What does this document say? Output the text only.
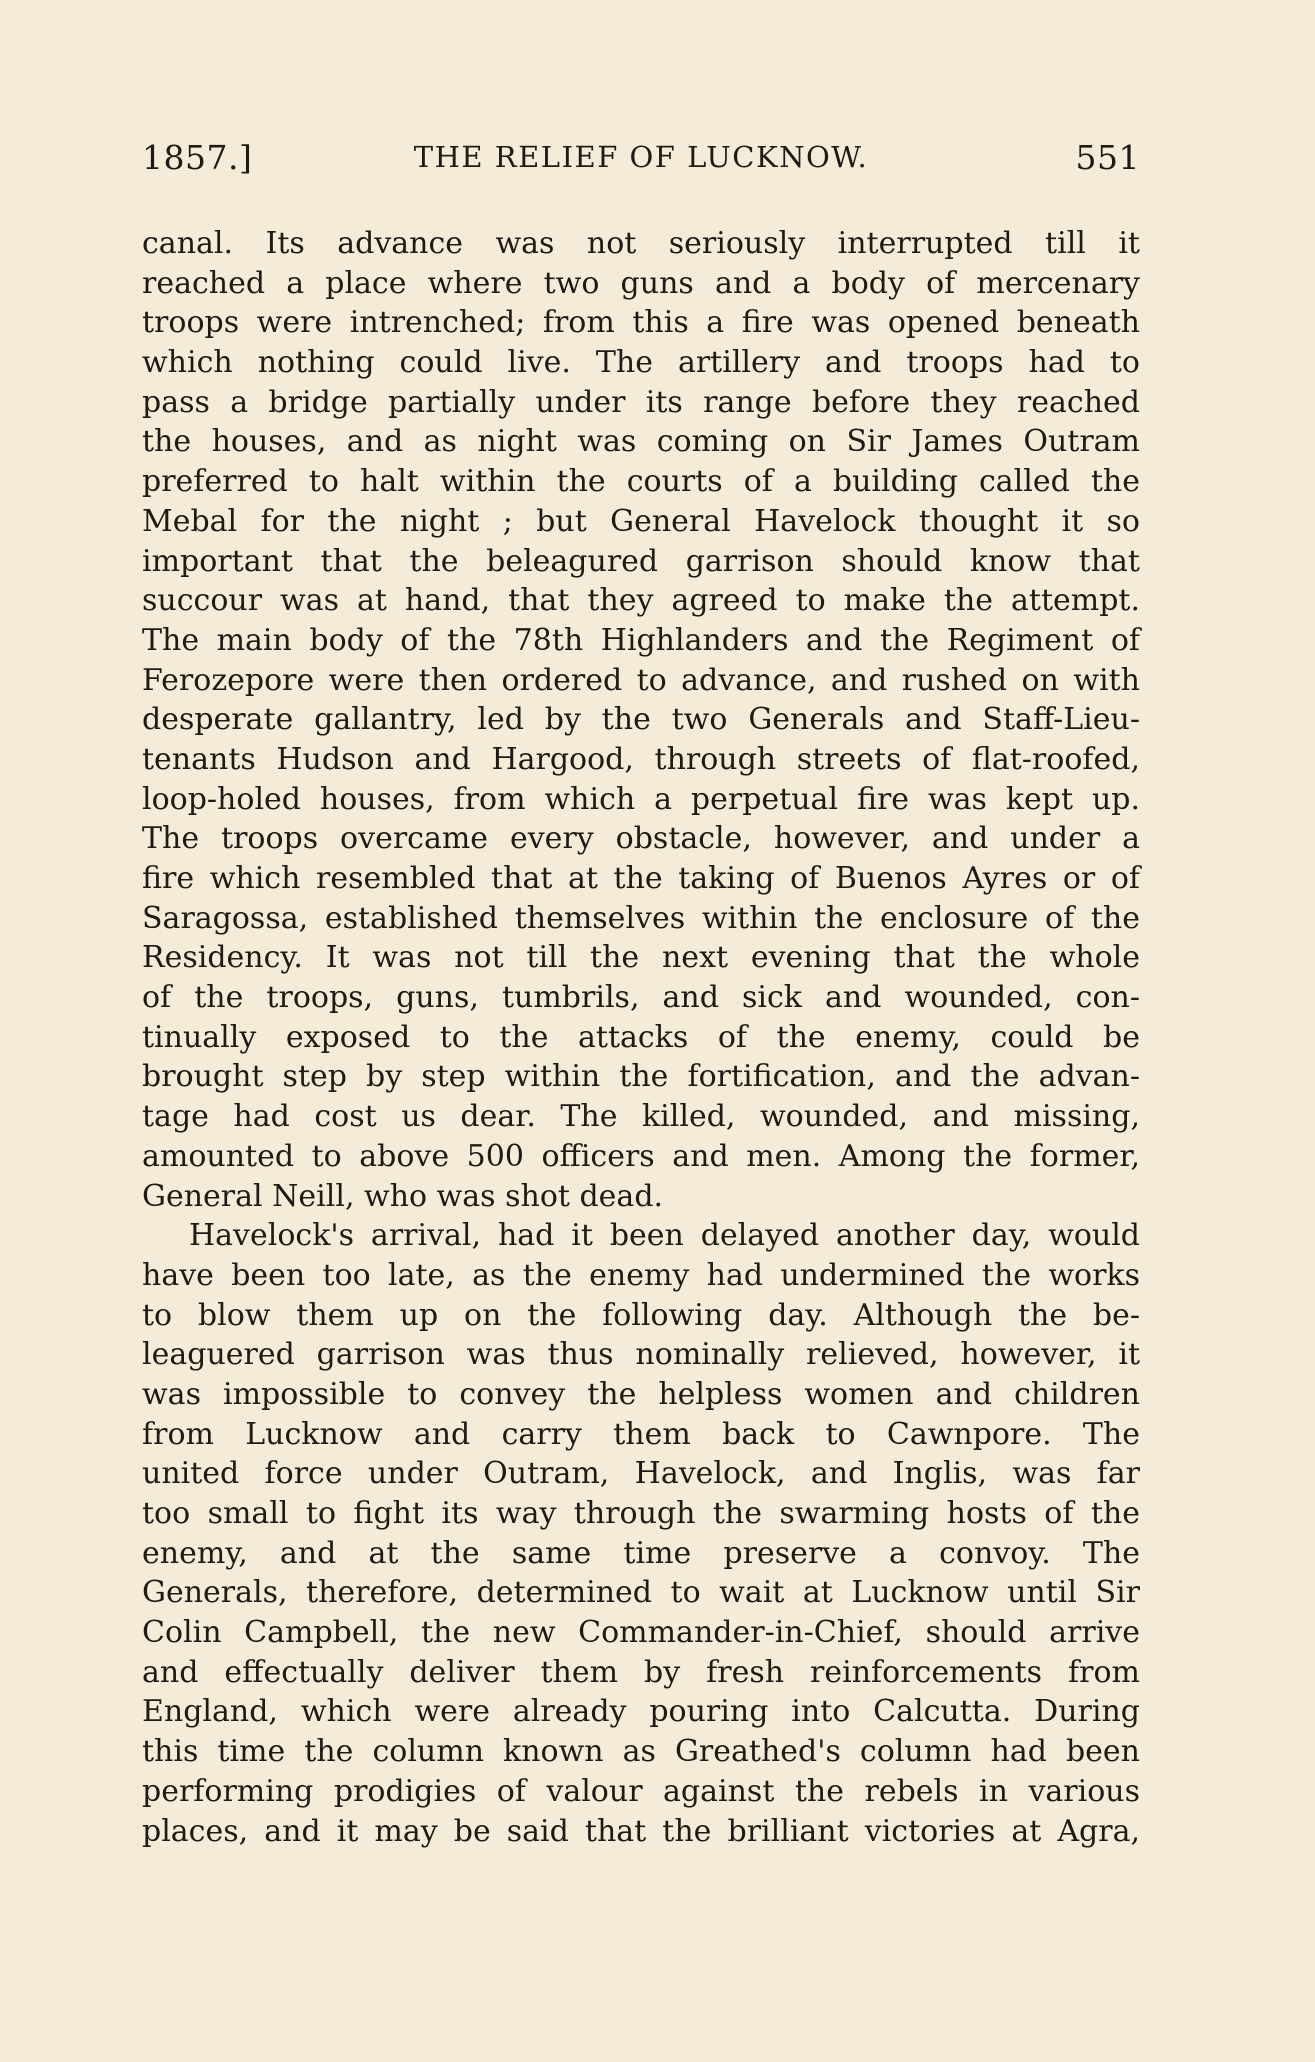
1857.]	THE RELIEF OF LUCKNOW.	551
canal. Its advance was not seriously interrupted till it
reached a place where two guns and a body of mercenary
troops were intrenched; from this a fire was opened beneath
which nothing could live. The artillery and troops had to
pass a bridge partially under its range before they reached
the houses, and as night was coming on Sir James Outram
preferred to halt within the courts of a building called the
Mebal for the night ; but General Havelock thought it so
important that the beleagured garrison should know that
succour was at hand, that they agreed to make the attempt.
The main body of the 78th Highlanders and the Regiment of
Ferozepore were then ordered to advance, and rushed on with
desperate gallantry, led by the two Generals and Staff-Lieu-
tenants Hudson and Hargood, through streets of flat-roofed,
loop-holed houses, from which a perpetual fire was kept up.
The troops overcame every obstacle, however, and under a
fire which resembled that at the taking of Buenos Ayres or of
Saragossa, established themselves within the enclosure of the
Residency. It was not till the next evening that the whole
of the troops, guns, tumbrils, and sick and wounded, con-
tinually exposed to the attacks of the enemy, could be
brought step by step within the fortification, and the advan-
tage had cost us dear. The killed, wounded, and missing,
amounted to above 500 officers and men. Among the former,
General Neill, who was shot dead.
Havelock's arrival, had it been delayed another day, would
have been too late, as the enemy had undermined the works
to blow them up on the following day. Although the be-
leaguered garrison was thus nominally relieved, however, it
was impossible to convey the helpless women and children
from Lucknow and carry them back to Cawnpore. The
united force under Outram, Havelock, and Inglis, was far
too small to fight its way through the swarming hosts of the
enemy, and at the same time preserve a convoy. The
Generals, therefore, determined to wait at Lucknow until Sir
Colin Campbell, the new Commander-in-Chief, should arrive
and effectually deliver them by fresh reinforcements from
England, which were already pouring into Calcutta. During
this time the column known as Greathed's column had been
performing prodigies of valour against the rebels in various
places, and it may be said that the brilliant victories at Agra,
